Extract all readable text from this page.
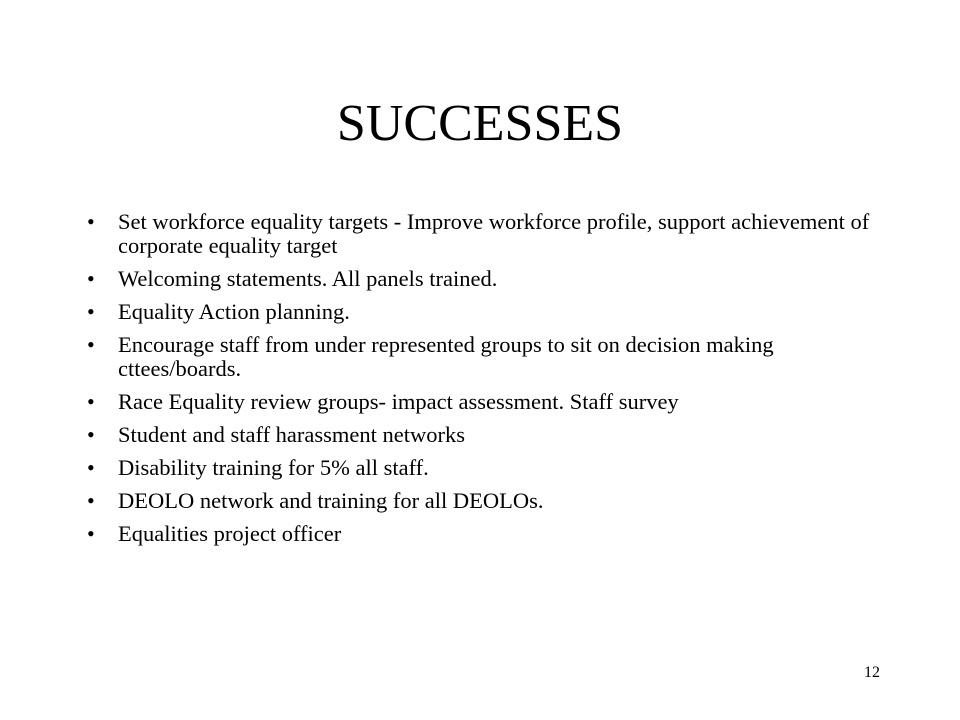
SUCCESSES
• Set workforce equality targets - Improve workforce profile, support achievement of corporate equality target
• Welcoming statements. All panels trained.
• Equality Action planning.
• Encourage staff from under represented groups to sit on decision making cttees/boards.
• Race Equality review groups- impact assessment. Staff survey
• Student and staff harassment networks
• Disability training for 5% all staff.
• DEOLO network and training for all DEOLOs.
• Equalities project officer
12
